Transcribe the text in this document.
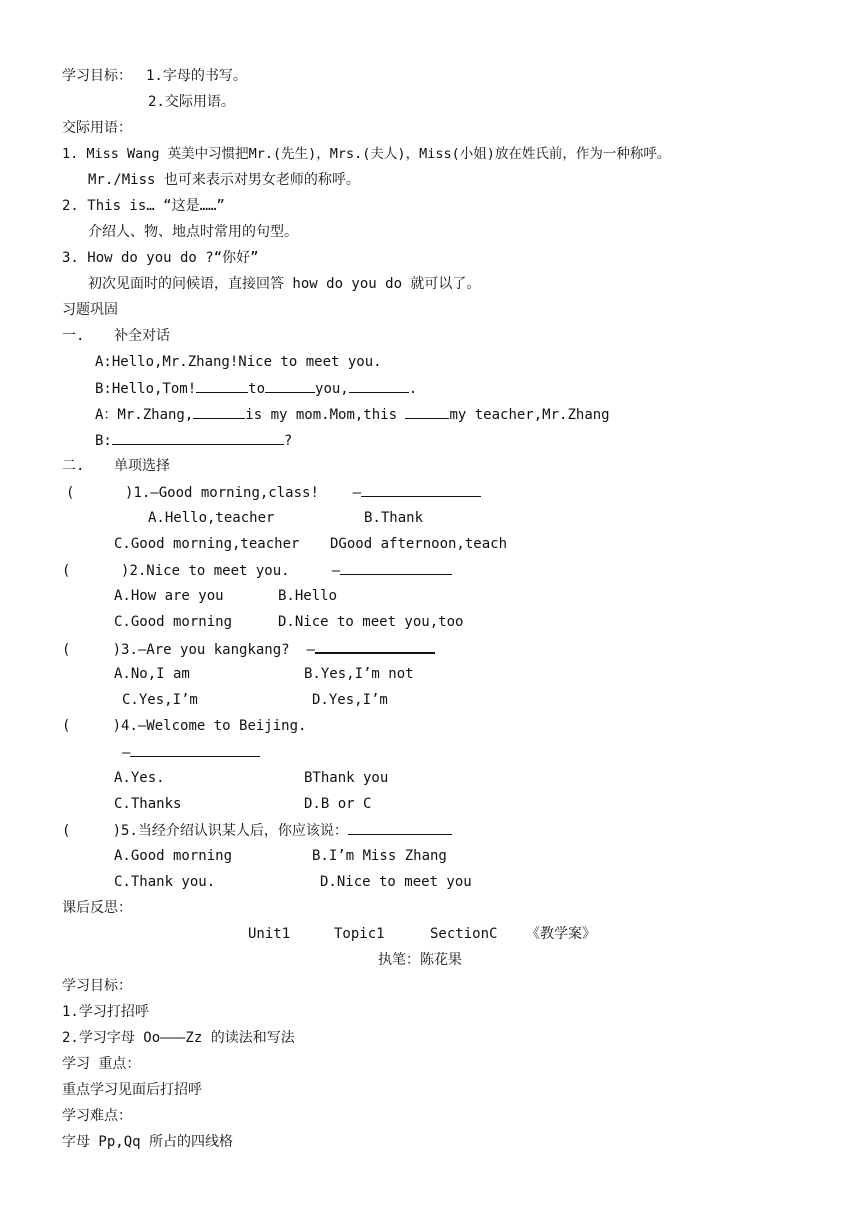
学习目标： 1.字母的书写。
2.交际用语。
交际用语：
1. Miss Wang 英美中习惯把Mr.(先生)，Mrs.(夫人)，Miss(小姐)放在姓氏前，作为一种称呼。
Mr./Miss 也可来表示对男女老师的称呼。
2. This is… “这是……”
介绍人、物、地点时常用的句型。
3. How do you do ?“你好”
初次见面时的问候语，直接回答 how do you do 就可以了。
习题巩固
一. 补全对话
A:Hello,Mr.Zhang!Nice to meet you.
B:Hello,Tom!	to	you,	.
A：Mr.Zhang,	is my mom.Mom,this	my teacher,Mr.Zhang
B:	?
二. 单项选择
(      )1.—Good morning,class!    —
A.Hello,teacher	B.Thank
C.Good morning,teacher DGood afternoon,teach
(      )2.Nice to meet you.     —
A.How are you	B.Hello
C.Good morning	D.Nice to meet you,too
(     )3.—Are you kangkang?  —
A.No,I am	B.Yes,I’m not
C.Yes,I’m	D.Yes,I’m
(     )4.—Welcome to Beijing.
—
A.Yes.	BThank you
C.Thanks	D.B or C
(     )5.当经介绍认识某人后，你应该说：
A.Good morning	B.I’m Miss Zhang
C.Thank you.	D.Nice to meet you
课后反思：
Unit1	Topic1	SectionC 《教学案》
执笔：陈花果
学习目标：
1.学习打招呼
2.学习字母 Oo———Zz 的读法和写法
学习 重点：
重点学习见面后打招呼
学习难点：
字母 Pp,Qq 所占的四线格
